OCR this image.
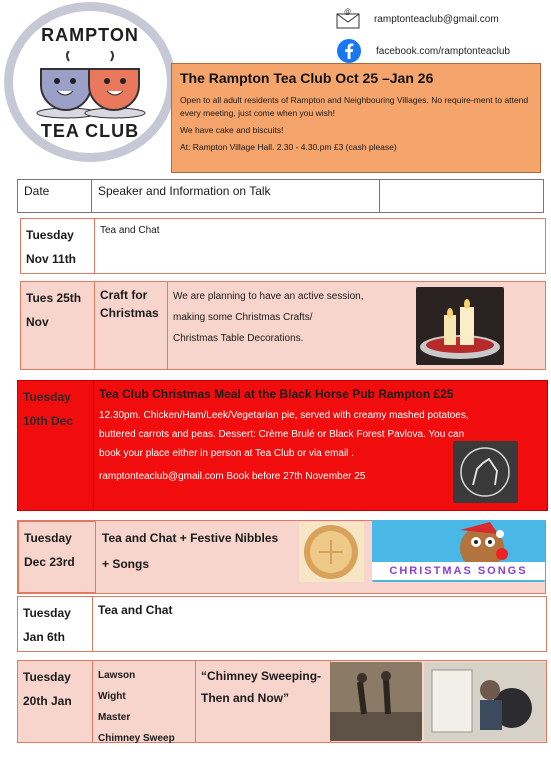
RAMPTON
TEA CLUB
@
ramptonteaclub@gmail.com
facebook.com/ramptonteaclub
The Rampton Tea Club Oct 25 –Jan 26
Open to all adult residents of Rampton and Neighbouring Villages. No require-ment to attend every meeting, just come when you wish!
We have cake and biscuits!
At: Rampton Village Hall. 2.30 - 4.30.pm £3 (cash please)
Date	Speaker and Information on Talk
Tuesday
Nov 11th
Tea and Chat
Tues 25th
Nov
Craft for
Christmas
We are planning to have an active session,
making some Christmas Crafts/
Christmas Table Decorations.
Tuesday
10th Dec
Tea Club Christmas Meal at the Black Horse Pub Rampton £25
12.30pm. Chicken/Ham/Leek/Vegetarian pie, served with creamy mashed potatoes,
buttered carrots and peas. Dessert: Crème Brulé or Black Forest Pavlova. You can
book your place either in person at Tea Club or via email .
ramptonteaclub@gmail.com Book before 27th November 25
Tuesday
Dec 23rd
Tea and Chat + Festive Nibbles
+ Songs	CHRISTMAS SONGS
Tuesday
Jan 6th
Tea and Chat
Tuesday
20th Jan
Lawson
Wight
Master
Chimney Sweep
“Chimney Sweeping- Then and Now”
